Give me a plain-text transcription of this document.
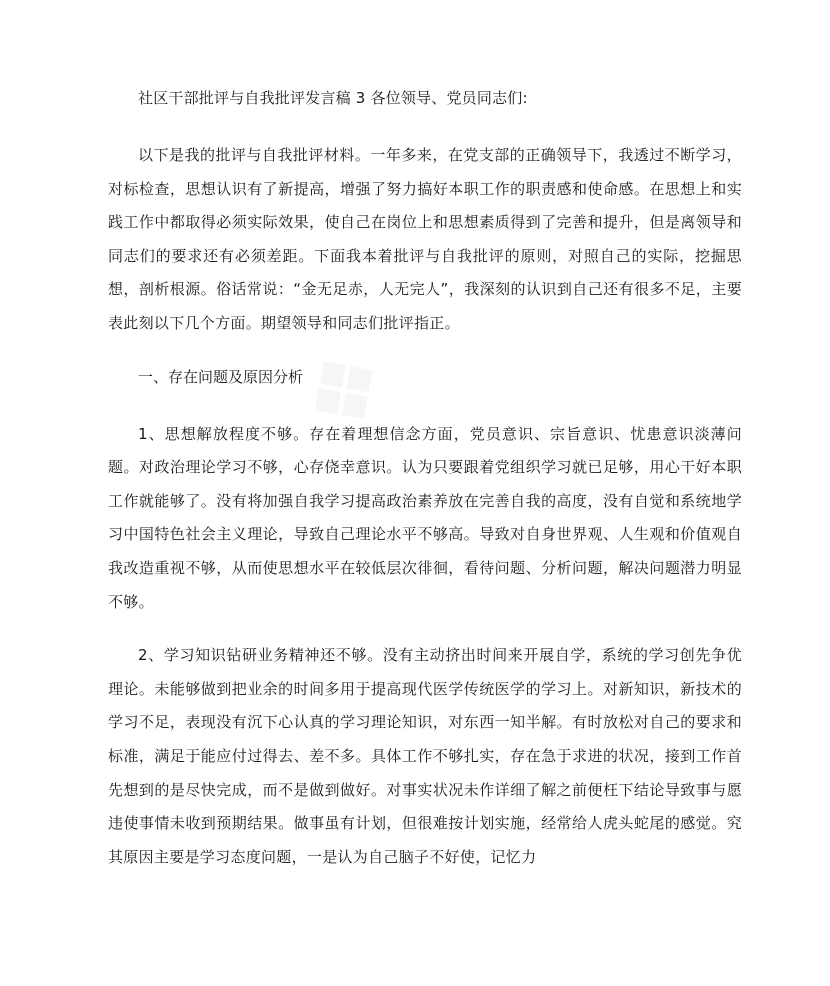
社区干部批评与自我批评发言稿 3 各位领导、党员同志们:

以下是我的批评与自我批评材料。一年多来，在党支部的正确领导下，我透过不断学习，对标检查，思想认识有了新提高，增强了努力搞好本职工作的职责感和使命感。在思想上和实践工作中都取得必须实际效果，使自己在岗位上和思想素质得到了完善和提升，但是离领导和同志们的要求还有必须差距。下面我本着批评与自我批评的原则，对照自己的实际，挖掘思想，剖析根源。俗话常说：“金无足赤，人无完人”，我深刻的认识到自己还有很多不足，主要表此刻以下几个方面。期望领导和同志们批评指正。

一、存在问题及原因分析

1、思想解放程度不够。存在着理想信念方面，党员意识、宗旨意识、忧患意识淡薄问题。对政治理论学习不够，心存侥幸意识。认为只要跟着党组织学习就已足够，用心干好本职工作就能够了。没有将加强自我学习提高政治素养放在完善自我的高度，没有自觉和系统地学习中国特色社会主义理论，导致自己理论水平不够高。导致对自身世界观、人生观和价值观自我改造重视不够，从而使思想水平在较低层次徘徊，看待问题、分析问题，解决问题潜力明显不够。

2、学习知识钻研业务精神还不够。没有主动挤出时间来开展自学，系统的学习创先争优理论。未能够做到把业余的时间多用于提高现代医学传统医学的学习上。对新知识，新技术的学习不足，表现没有沉下心认真的学习理论知识，对东西一知半解。有时放松对自己的要求和标准，满足于能应付过得去、差不多。具体工作不够扎实，存在急于求进的状况，接到工作首先想到的是尽快完成，而不是做到做好。对事实状况未作详细了解之前便枉下结论导致事与愿违使事情未收到预期结果。做事虽有计划，但很难按计划实施，经常给人虎头蛇尾的感觉。究其原因主要是学习态度问题，一是认为自己脑子不好使，记忆力
